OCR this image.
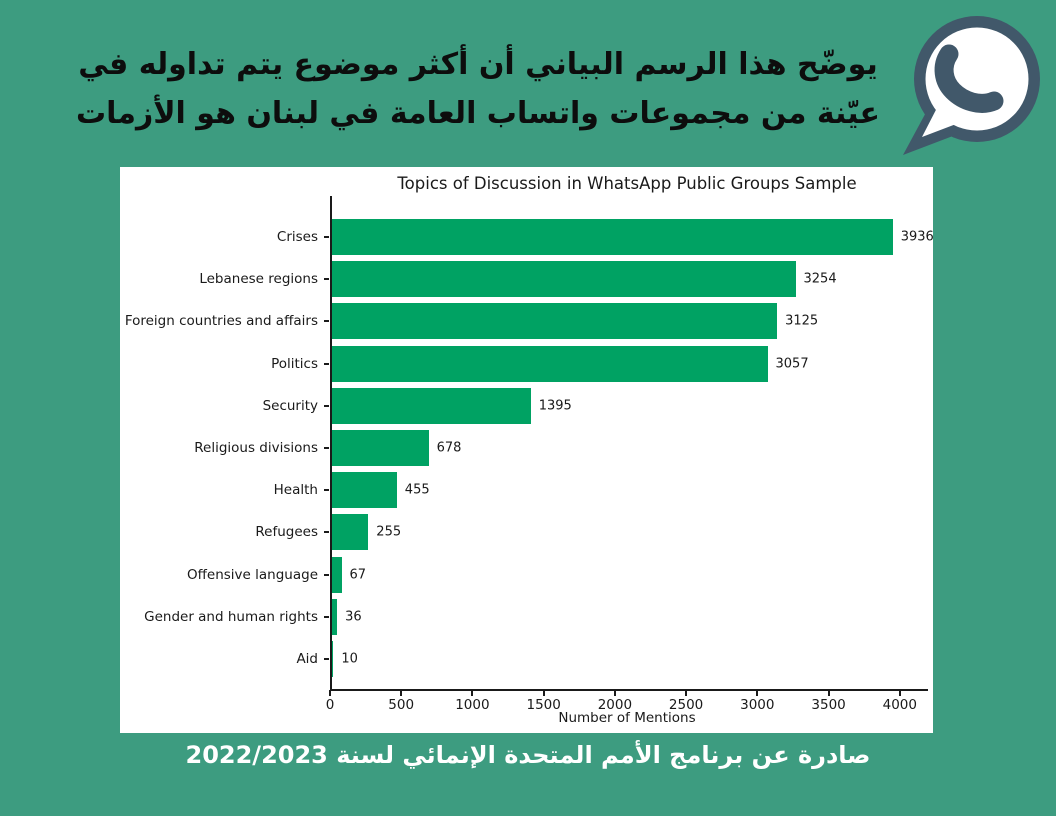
يوضّح هذا الرسم البياني أن أكثر موضوع يتم تداوله في
عيّنة من مجموعات واتساب العامة في لبنان هو الأزمات
Topics of Discussion in WhatsApp Public Groups Sample
Crises	3936
Lebanese regions	3254
Foreign countries and affairs	3125
Politics	3057
Security	1395
Religious divisions	678
Health	455
Refugees	255
Offensive language	67
Gender and human rights	36
Aid	10
0	500	1000	1500	2000	2500	3000	3500	4000
Number of Mentions
صادرة عن برنامج الأمم المتحدة الإنمائي لسنة 2022/2023
